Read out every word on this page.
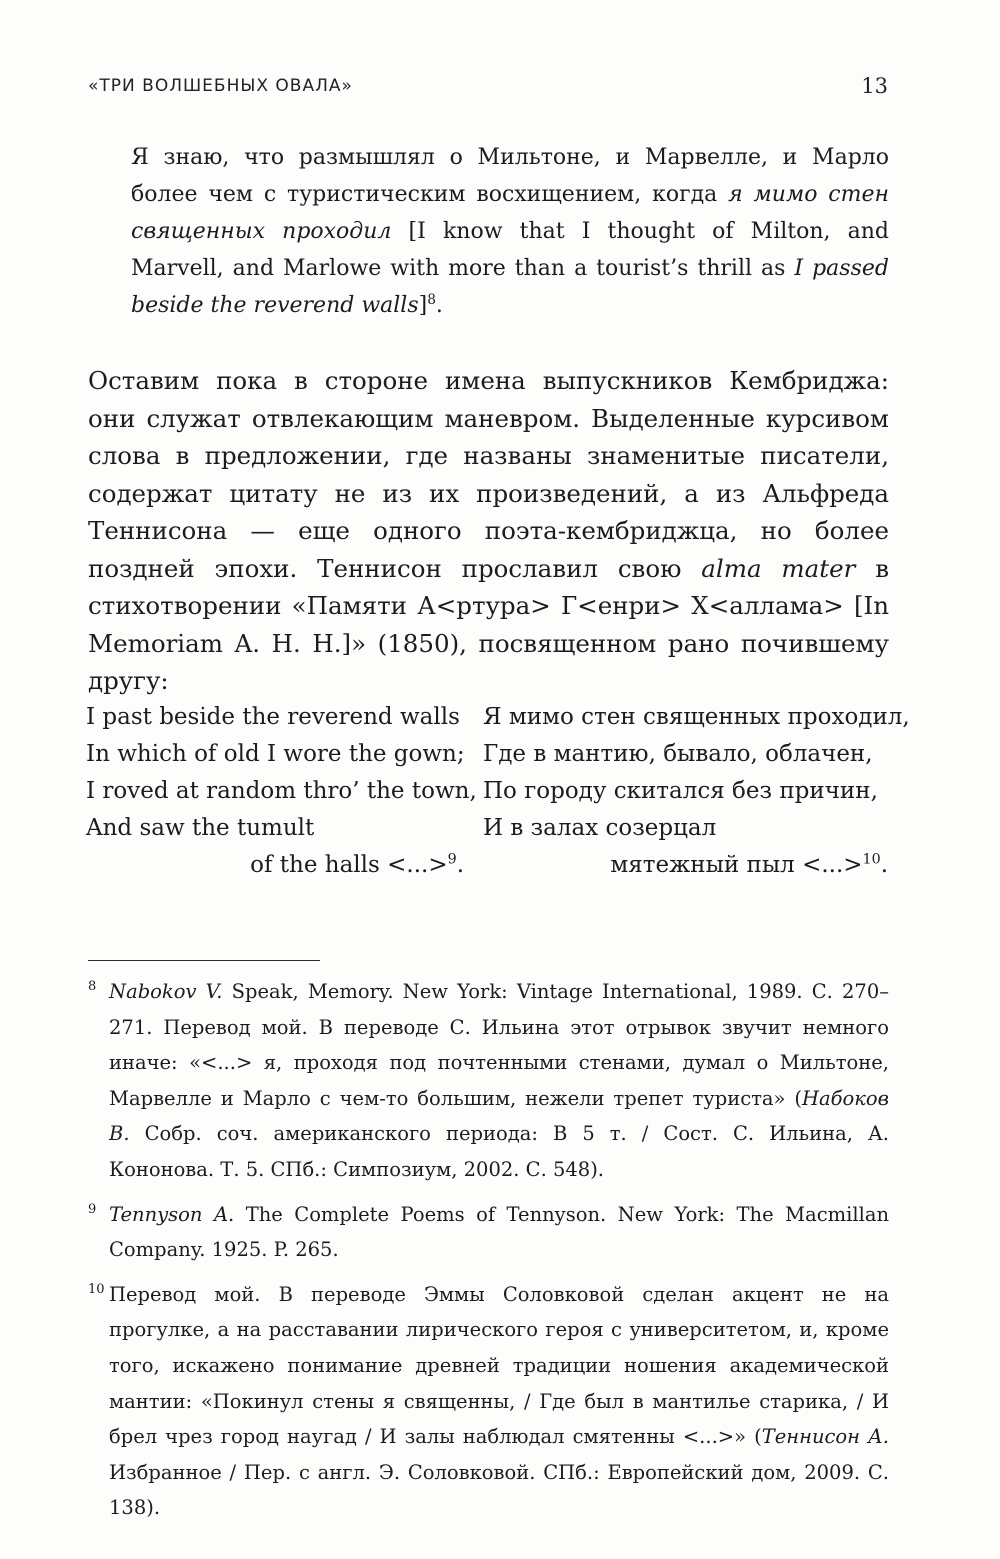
«ТРИ ВОЛШЕБНЫХ ОВАЛА»	13
Я знаю, что размышлял о Мильтоне, и Марвелле, и Марло более чем с туристическим восхищением, когда я мимо стен священных проходил [I know that I thought of Milton, and Marvell, and Marlowe with more than a tourist’s thrill as I passed beside the reverend walls]$^8$.

Оставим пока в стороне имена выпускников Кембриджа: они служат отвлекающим маневром. Выделенные курсивом слова в предложении, где названы знаменитые писатели, содержат цитату не из их произведений, а из Альфреда Теннисона — еще одного поэта-кембриджца, но более поздней эпохи. Теннисон прославил свою alma mater в стихотворении «Памяти А<ртура> Г<енри> Х<аллама> [In Memoriam A. H. H.]» (1850), посвященном рано почившему другу:

I past beside the reverend walls
In which of old I wore the gown;
I roved at random thro’ the town,
And saw the tumult
of the halls <...>$^9$.
Я мимо стен священных проходил,
Где в мантию, бывало, облачен,
По городу скитался без причин,
И в залах созерцал
мятежный пыл <...>$^{10}$.
8 Nabokov V. Speak, Memory. New York: Vintage International, 1989. С. 270–271. Перевод мой. В переводе С. Ильина этот отрывок звучит немного иначе: «<...> я, проходя под почтенными стенами, думал о Мильтоне, Марвелле и Марло с чем-то большим, нежели трепет туриста» (Набоков В. Собр. соч. американского периода: В 5 т. / Сост. С. Ильина, А. Кононова. Т. 5. СПб.: Симпозиум, 2002. С. 548).
9 Tennyson A. The Complete Poems of Tennyson. New York: The Macmillan Company. 1925. P. 265.
10 Перевод мой. В переводе Эммы Соловковой сделан акцент не на прогулке, а на расставании лирического героя с университетом, и, кроме того, искажено понимание древней традиции ношения академической мантии: «Покинул стены я священны, / Где был в мантилье старика, / И брел чрез город наугад / И залы наблюдал смятенны <...>» (Теннисон А. Избранное / Пер. с англ. Э. Соловковой. СПб.: Европейский дом, 2009. С. 138).
